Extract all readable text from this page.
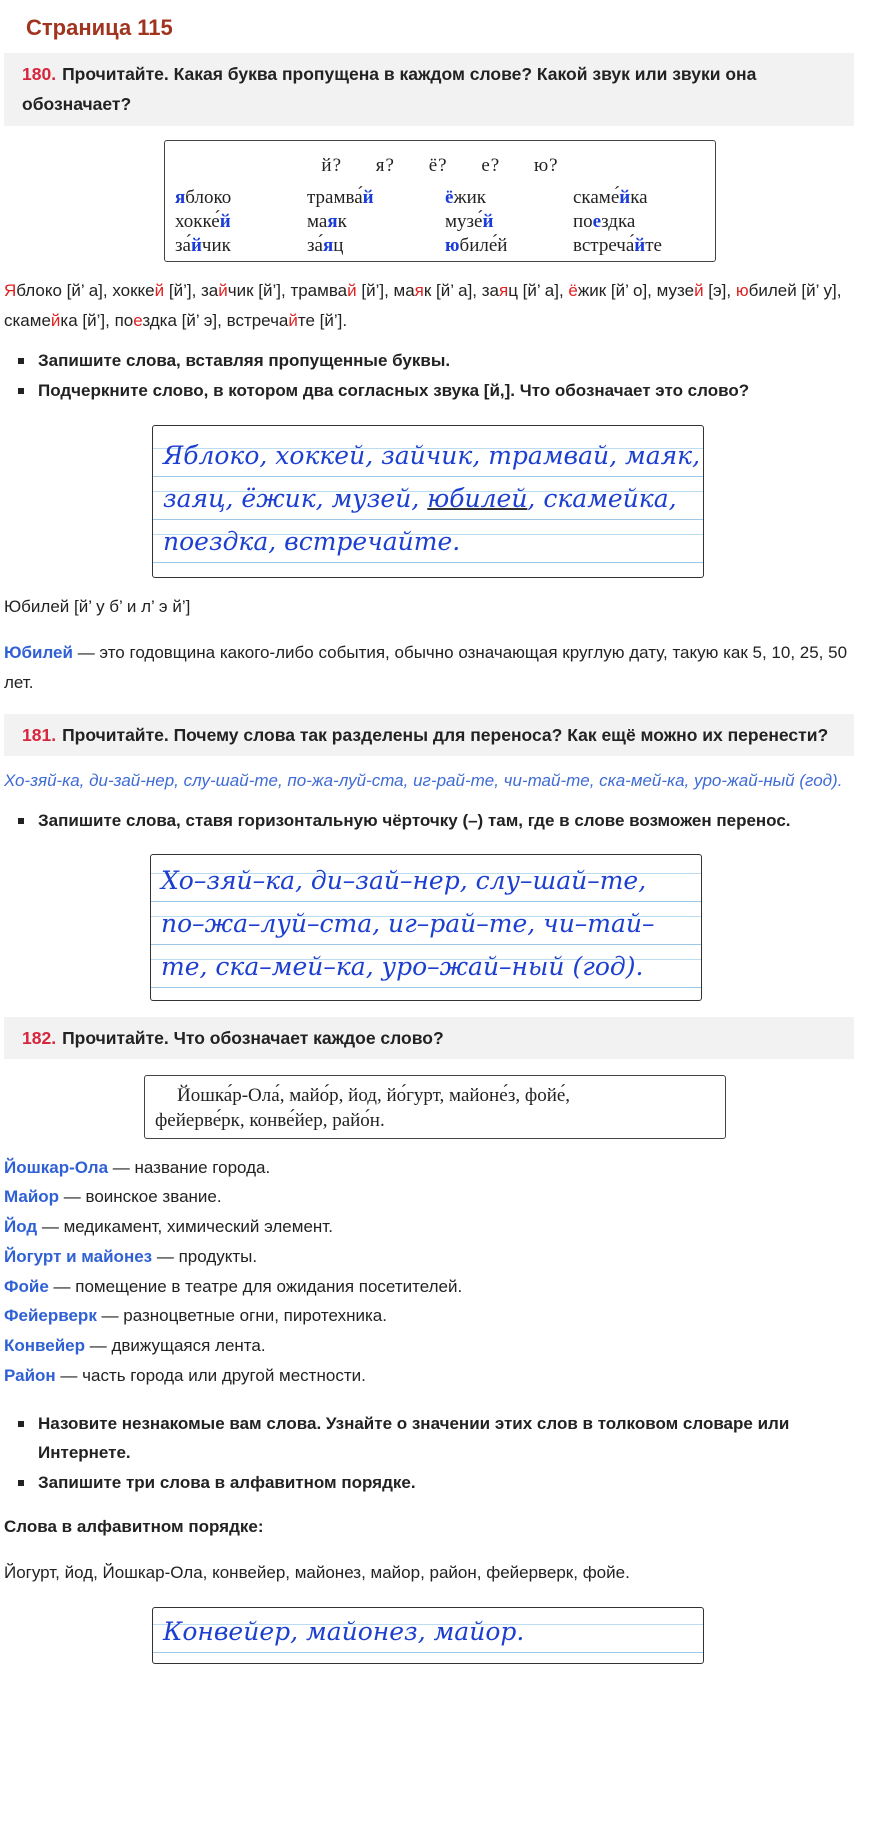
Страница 115
180. Прочитайте. Какая буква пропущена в каждом слове? Какой звук или звуки она обозначает?
й? я? ё? е? ю?
яблоко	трамва́й	ёжик	скаме́йка
хокке́й	маяк	музе́й	поездка
за́йчик	за́яц	юбиле́й	встреча́йте

Яблоко [й’ а], хоккей [й’], зайчик [й’], трамвай [й’], маяк [й’ а], заяц [й’ а], ёжик [й’ о], музей [э], юбилей [й’ у], скамейка [й’], поездка [й’ э], встречайте [й’].

Запишите слова, вставляя пропущенные буквы.
Подчеркните слово, в котором два согласных звука [й,]. Что обозначает это слово?
Яблоко, хоккей, зайчик, трамвай, маяк,
заяц, ёжик, музей, юбилей, скамейка,
поездка, встречайте.

Юбилей [й’ у б’ и л’ э й’]

Юбилей — это годовщина какого-либо события, обычно означающая круглую дату, такую как 5, 10, 25, 50 лет.

181. Прочитайте. Почему слова так разделены для переноса? Как ещё можно их перенести?

Хо-зяй-ка, ди-зай-нер, слу-шай-те, по-жа-луй-ста, иг-рай-те, чи-тай-те, ска-мей-ка, уро-жай-ный (год).

Запишите слова, ставя горизонтальную чёрточку (–) там, где в слове возможен перенос.
Хо–зяй–ка, ди–зай–нер, слу–шай–те,
по–жа–луй–ста, иг–рай–те, чи–тай–
те, ска–мей–ка, уро–жай–ный (год).
182. Прочитайте. Что обозначает каждое слово?
Йошка́р-Ола́, майо́р, йод, йо́гурт, майоне́з, фойе́,
фейерве́рк, конве́йер, райо́н.

Йошкар-Ола — название города.

Майор — воинское звание.

Йод — медикамент, химический элемент.

Йогурт и майонез — продукты.

Фойе — помещение в театре для ожидания посетителей.

Фейерверк — разноцветные огни, пиротехника.

Конвейер — движущаяся лента.

Район — часть города или другой местности.

Назовите незнакомые вам слова. Узнайте о значении этих слов в толковом словаре или Интернете.
Запишите три слова в алфавитном порядке.

Слова в алфавитном порядке:

Йогурт, йод, Йошкар-Ола, конвейер, майонез, майор, район, фейерверк, фойе.

Конвейер, майонез, майор.
